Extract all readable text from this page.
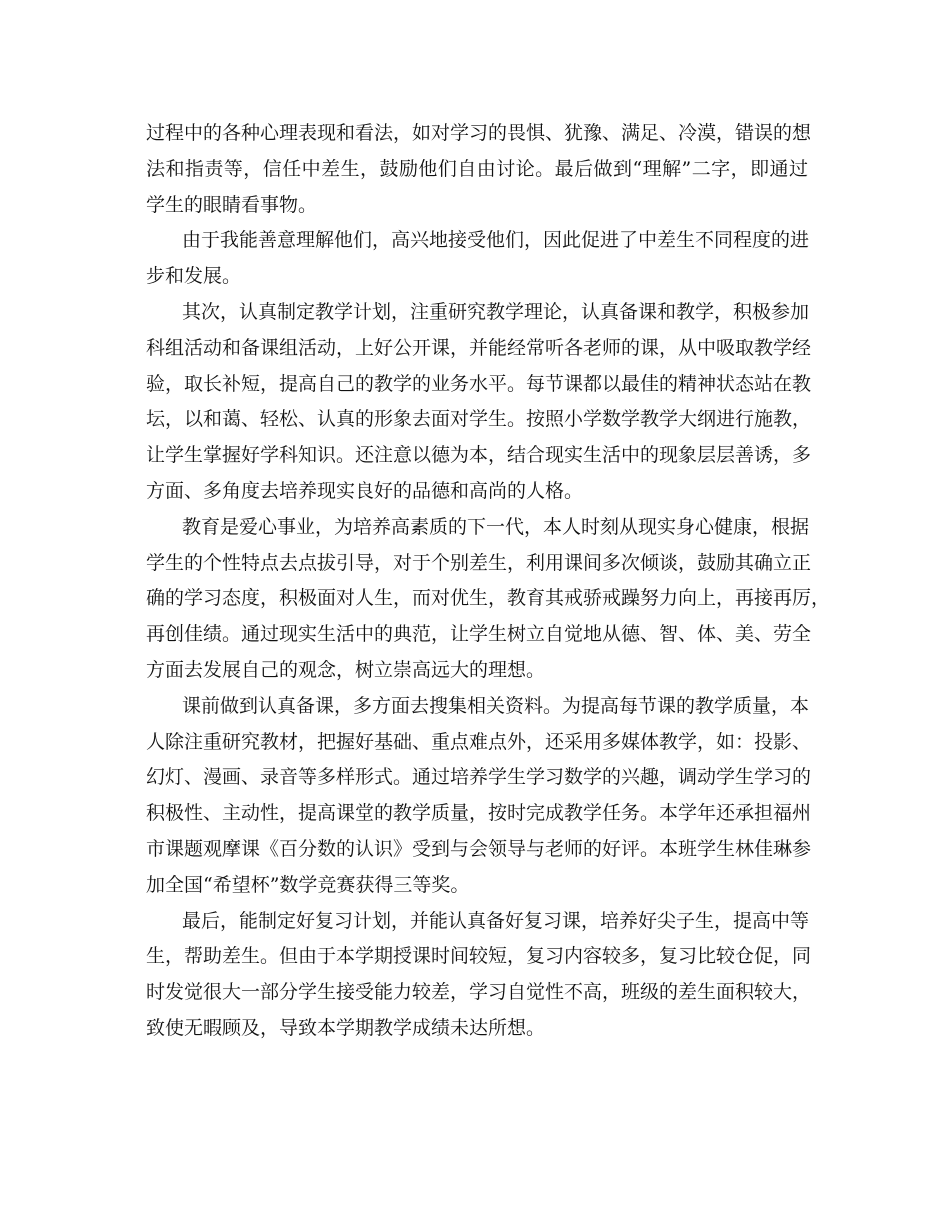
过程中的各种心理表现和看法，如对学习的畏惧、犹豫、满足、冷漠，错误的想
法和指责等，信任中差生，鼓励他们自由讨论。最后做到“理解”二字，即通过
学生的眼睛看事物。
由于我能善意理解他们，高兴地接受他们，因此促进了中差生不同程度的进
步和发展。
其次，认真制定教学计划，注重研究教学理论，认真备课和教学，积极参加
科组活动和备课组活动，上好公开课，并能经常听各老师的课，从中吸取教学经
验，取长补短，提高自己的教学的业务水平。每节课都以最佳的精神状态站在教
坛，以和蔼、轻松、认真的形象去面对学生。按照小学数学教学大纲进行施教，
让学生掌握好学科知识。还注意以德为本，结合现实生活中的现象层层善诱，多
方面、多角度去培养现实良好的品德和高尚的人格。
教育是爱心事业，为培养高素质的下一代，本人时刻从现实身心健康，根据
学生的个性特点去点拔引导，对于个别差生，利用课间多次倾谈，鼓励其确立正
确的学习态度，积极面对人生，而对优生，教育其戒骄戒躁努力向上，再接再厉，
再创佳绩。通过现实生活中的典范，让学生树立自觉地从德、智、体、美、劳全
方面去发展自己的观念，树立崇高远大的理想。
课前做到认真备课，多方面去搜集相关资料。为提高每节课的教学质量，本
人除注重研究教材，把握好基础、重点难点外，还采用多媒体教学，如：投影、
幻灯、漫画、录音等多样形式。通过培养学生学习数学的兴趣，调动学生学习的
积极性、主动性，提高课堂的教学质量，按时完成教学任务。本学年还承担福州
市课题观摩课《百分数的认识》受到与会领导与老师的好评。本班学生林佳琳参
加全国“希望杯”数学竞赛获得三等奖。
最后，能制定好复习计划，并能认真备好复习课，培养好尖子生，提高中等
生，帮助差生。但由于本学期授课时间较短，复习内容较多，复习比较仓促，同
时发觉很大一部分学生接受能力较差，学习自觉性不高，班级的差生面积较大，
致使无暇顾及，导致本学期教学成绩未达所想。
